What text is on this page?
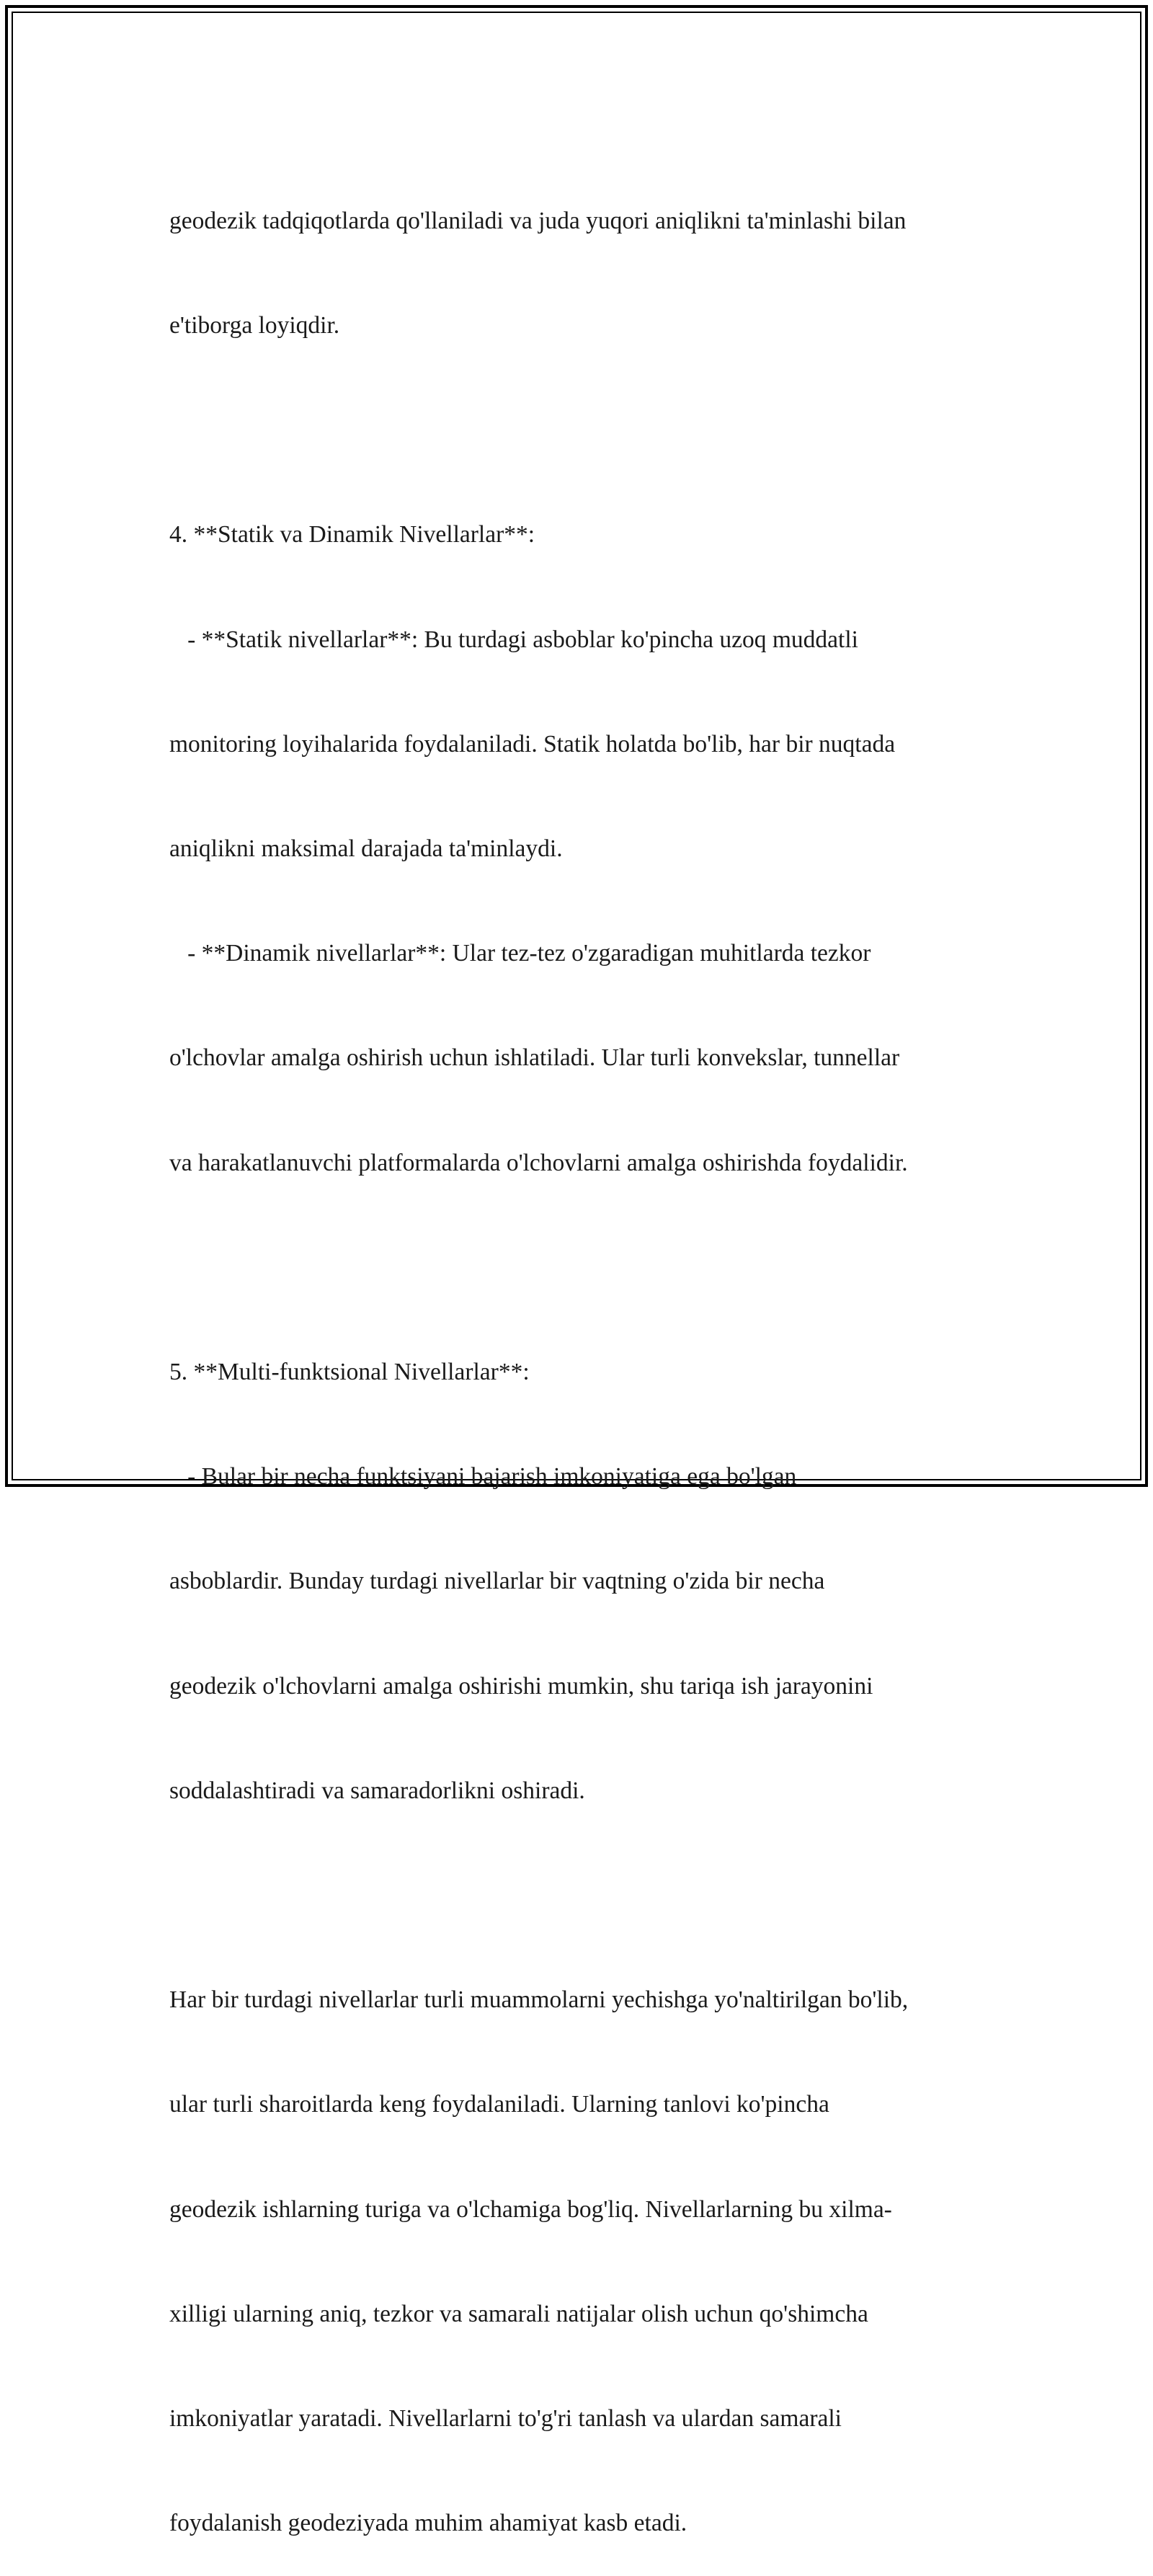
geodezik tadqiqotlarda qo'llaniladi va juda yuqori aniqlikni ta'minlashi bilan

e'tiborga loyiqdir.

4. **Statik va Dinamik Nivellarlar**:

- **Statik nivellarlar**: Bu turdagi asboblar ko'pincha uzoq muddatli

monitoring loyihalarida foydalaniladi. Statik holatda bo'lib, har bir nuqtada

aniqlikni maksimal darajada ta'minlaydi.

- **Dinamik nivellarlar**: Ular tez-tez o'zgaradigan muhitlarda tezkor

o'lchovlar amalga oshirish uchun ishlatiladi. Ular turli konvekslar, tunnellar

va harakatlanuvchi platformalarda o'lchovlarni amalga oshirishda foydalidir.

5. **Multi-funktsional Nivellarlar**:

- Bular bir necha funktsiyani bajarish imkoniyatiga ega bo'lgan

asboblardir. Bunday turdagi nivellarlar bir vaqtning o'zida bir necha

geodezik o'lchovlarni amalga oshirishi mumkin, shu tariqa ish jarayonini

soddalashtiradi va samaradorlikni oshiradi.

Har bir turdagi nivellarlar turli muammolarni yechishga yo'naltirilgan bo'lib,

ular turli sharoitlarda keng foydalaniladi. Ularning tanlovi ko'pincha

geodezik ishlarning turiga va o'lchamiga bog'liq. Nivellarlarning bu xilma-

xilligi ularning aniq, tezkor va samarali natijalar olish uchun qo'shimcha

imkoniyatlar yaratadi. Nivellarlarni to'g'ri tanlash va ulardan samarali

foydalanish geodeziyada muhim ahamiyat kasb etadi.
